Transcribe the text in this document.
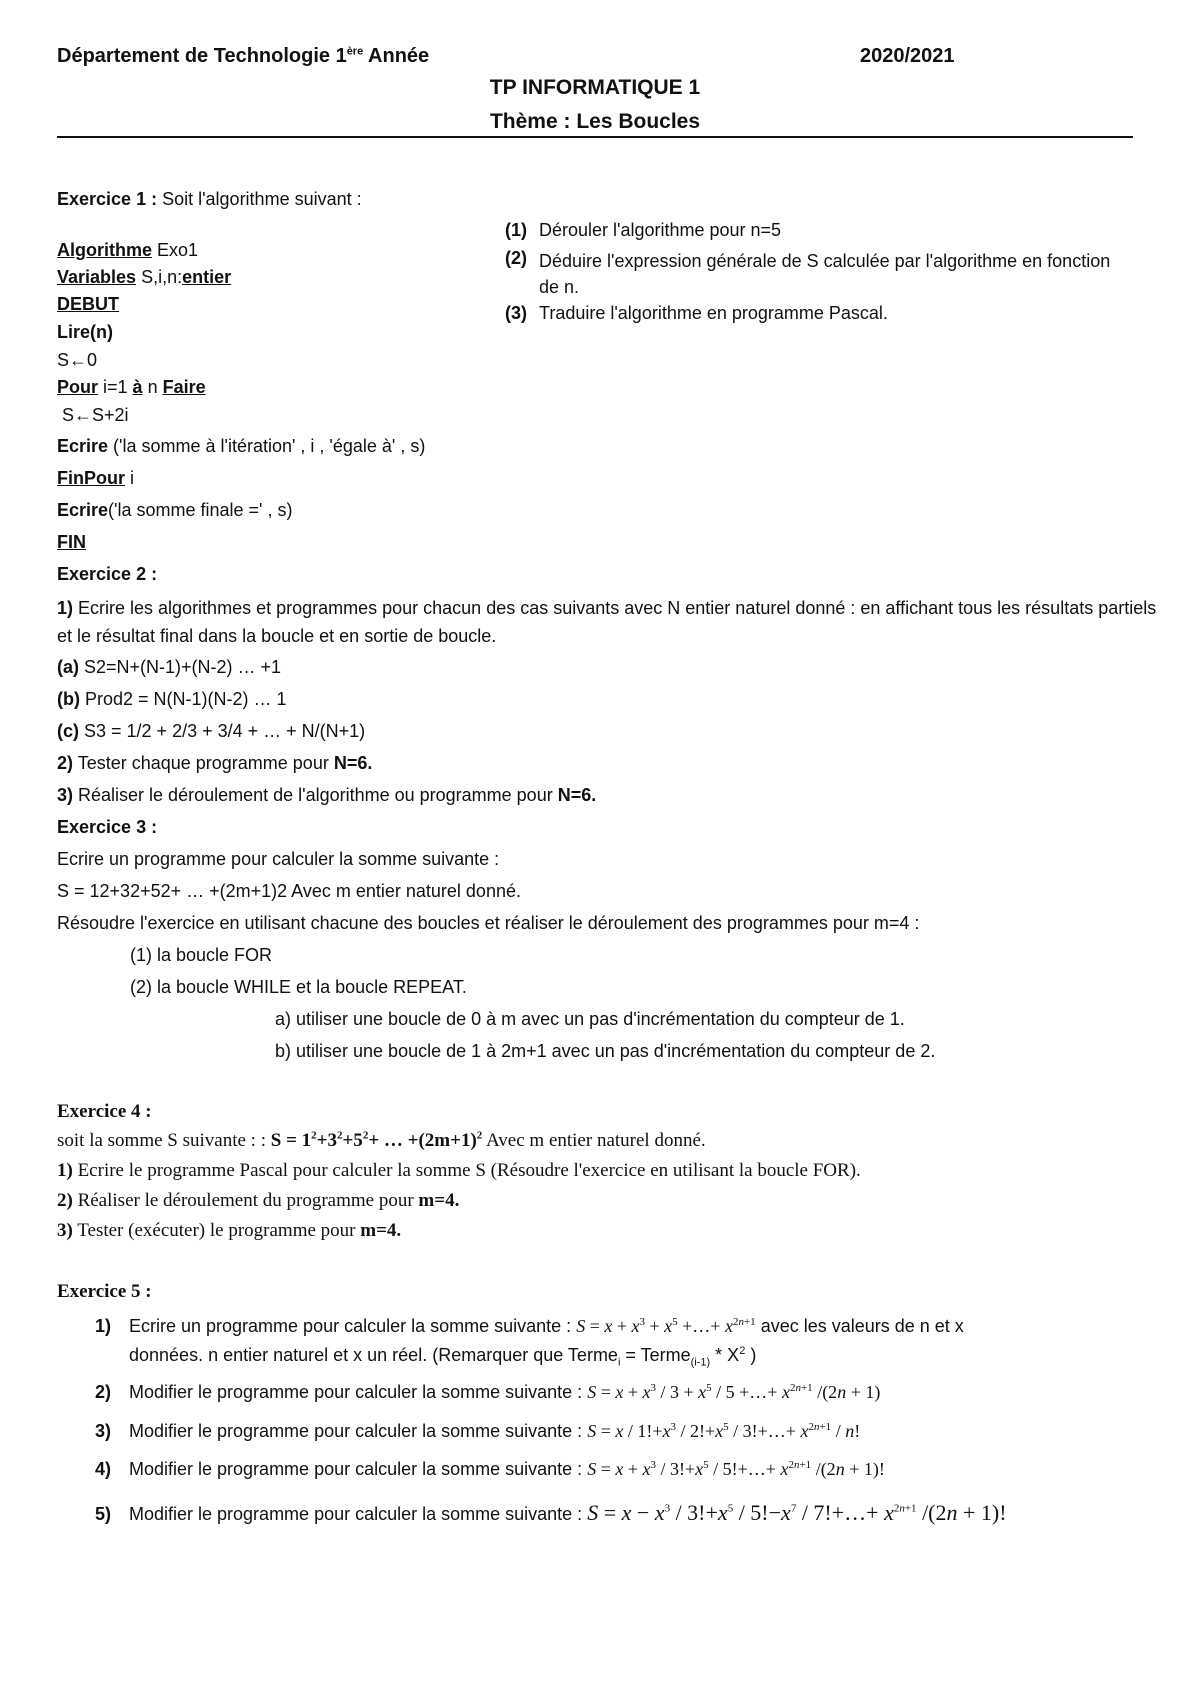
Département de Technologie 1ère Année	2020/2021
TP INFORMATIQUE 1
Thème : Les Boucles
Exercice 1 : Soit l'algorithme suivant :
Algorithme Exo1
Variables S,i,n:entier
DEBUT
Lire(n)
S←0
Pour i=1 à n Faire
S←S+2i
Ecrire ('la somme à l'itération' , i , 'égale à' , s)
FinPour i
Ecrire('la somme finale =' , s)
FIN
(1) Dérouler l'algorithme pour n=5
(2) Déduire l'expression générale de S calculée par l'algorithme en fonction de n.
(3) Traduire l'algorithme en programme Pascal.
Exercice 2 :
1) Ecrire les algorithmes et programmes pour chacun des cas suivants avec N entier naturel donné : en affichant tous les résultats partiels et le résultat final dans la boucle et en sortie de boucle.
(a) S2=N+(N-1)+(N-2) … +1
(b) Prod2 = N(N-1)(N-2) … 1
(c) S3 = 1/2 + 2/3 + 3/4 + … + N/(N+1)
2) Tester chaque programme pour N=6.
3) Réaliser le déroulement de l'algorithme ou programme pour N=6.
Exercice 3 :
Ecrire un programme pour calculer la somme suivante :
S = 12+32+52+ … +(2m+1)2 Avec m entier naturel donné.
Résoudre l'exercice en utilisant chacune des boucles et réaliser le déroulement des programmes pour m=4 :
(1) la boucle FOR
(2) la boucle WHILE et la boucle REPEAT.
a) utiliser une boucle de 0 à m avec un pas d'incrémentation du compteur de 1.
b) utiliser une boucle de 1 à 2m+1 avec un pas d'incrémentation du compteur de 2.
Exercice 4 :
soit la somme S suivante : : $S = 1^2+3^2+5^2+$ … $+(2m+1)^2$ Avec m entier naturel donné.
1) Ecrire le programme Pascal pour calculer la somme S (Résoudre l'exercice en utilisant la boucle FOR).
2) Réaliser le déroulement du programme pour m=4.
3) Tester (exécuter) le programme pour m=4.
Exercice 5 :
1) Ecrire un programme pour calculer la somme suivante : $S = x + x^3 + x^5$ +…+ $x^{2n+1}$ avec les valeurs de n et x
données. n entier naturel et x un réel. (Remarquer que Terme$_i$ = Terme$_{(i-1)}$ * $X^2$ )
2) Modifier le programme pour calculer la somme suivante : $S = x + x^3 / 3 + x^5 / 5$ +…+ $x^{2n+1}$ /(2n + 1)
3) Modifier le programme pour calculer la somme suivante : $S = x / 1!+x^3 / 2!+x^5$ / 3!+…+ $x^{2n+1}$ / n!
4) Modifier le programme pour calculer la somme suivante : $S = x + x^3 / 3!+x^5$ / 5!+…+ $x^{2n+1}$ /(2n + 1)!
5) Modifier le programme pour calculer la somme suivante : $S = x - x^3 / 3!+x^5 / 5!-x^7$ / 7!+…+ $x^{2n+1}$ /(2n + 1)!
